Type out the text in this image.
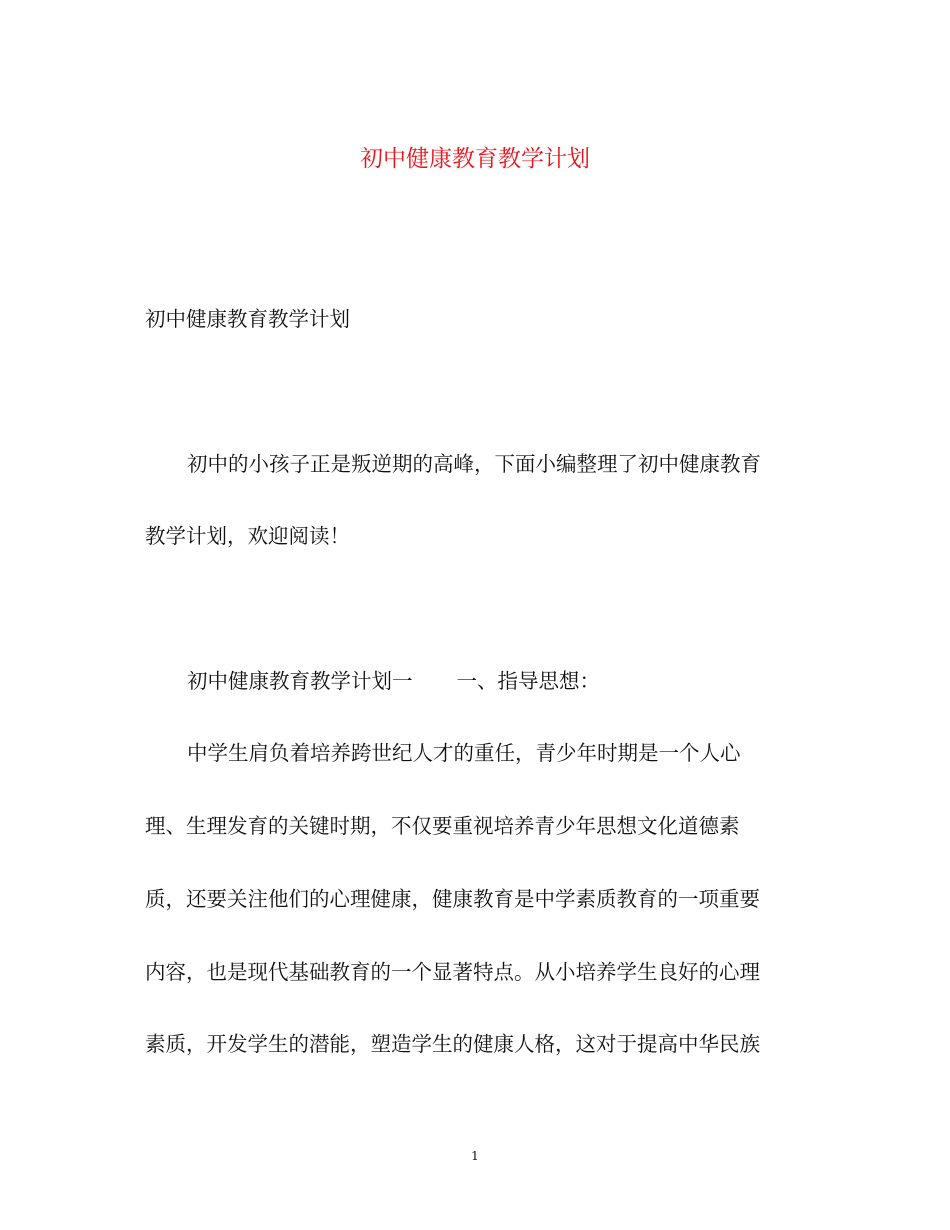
初中健康教育教学计划
初中健康教育教学计划
初中的小孩子正是叛逆期的高峰，下面小编整理了初中健康教育
教学计划，欢迎阅读！
初中健康教育教学计划一 一、指导思想：
中学生肩负着培养跨世纪人才的重任，青少年时期是一个人心
理、生理发育的关键时期，不仅要重视培养青少年思想文化道德素
质，还要关注他们的心理健康，健康教育是中学素质教育的一项重要
内容，也是现代基础教育的一个显著特点。从小培养学生良好的心理
素质，开发学生的潜能，塑造学生的健康人格，这对于提高中华民族
1
